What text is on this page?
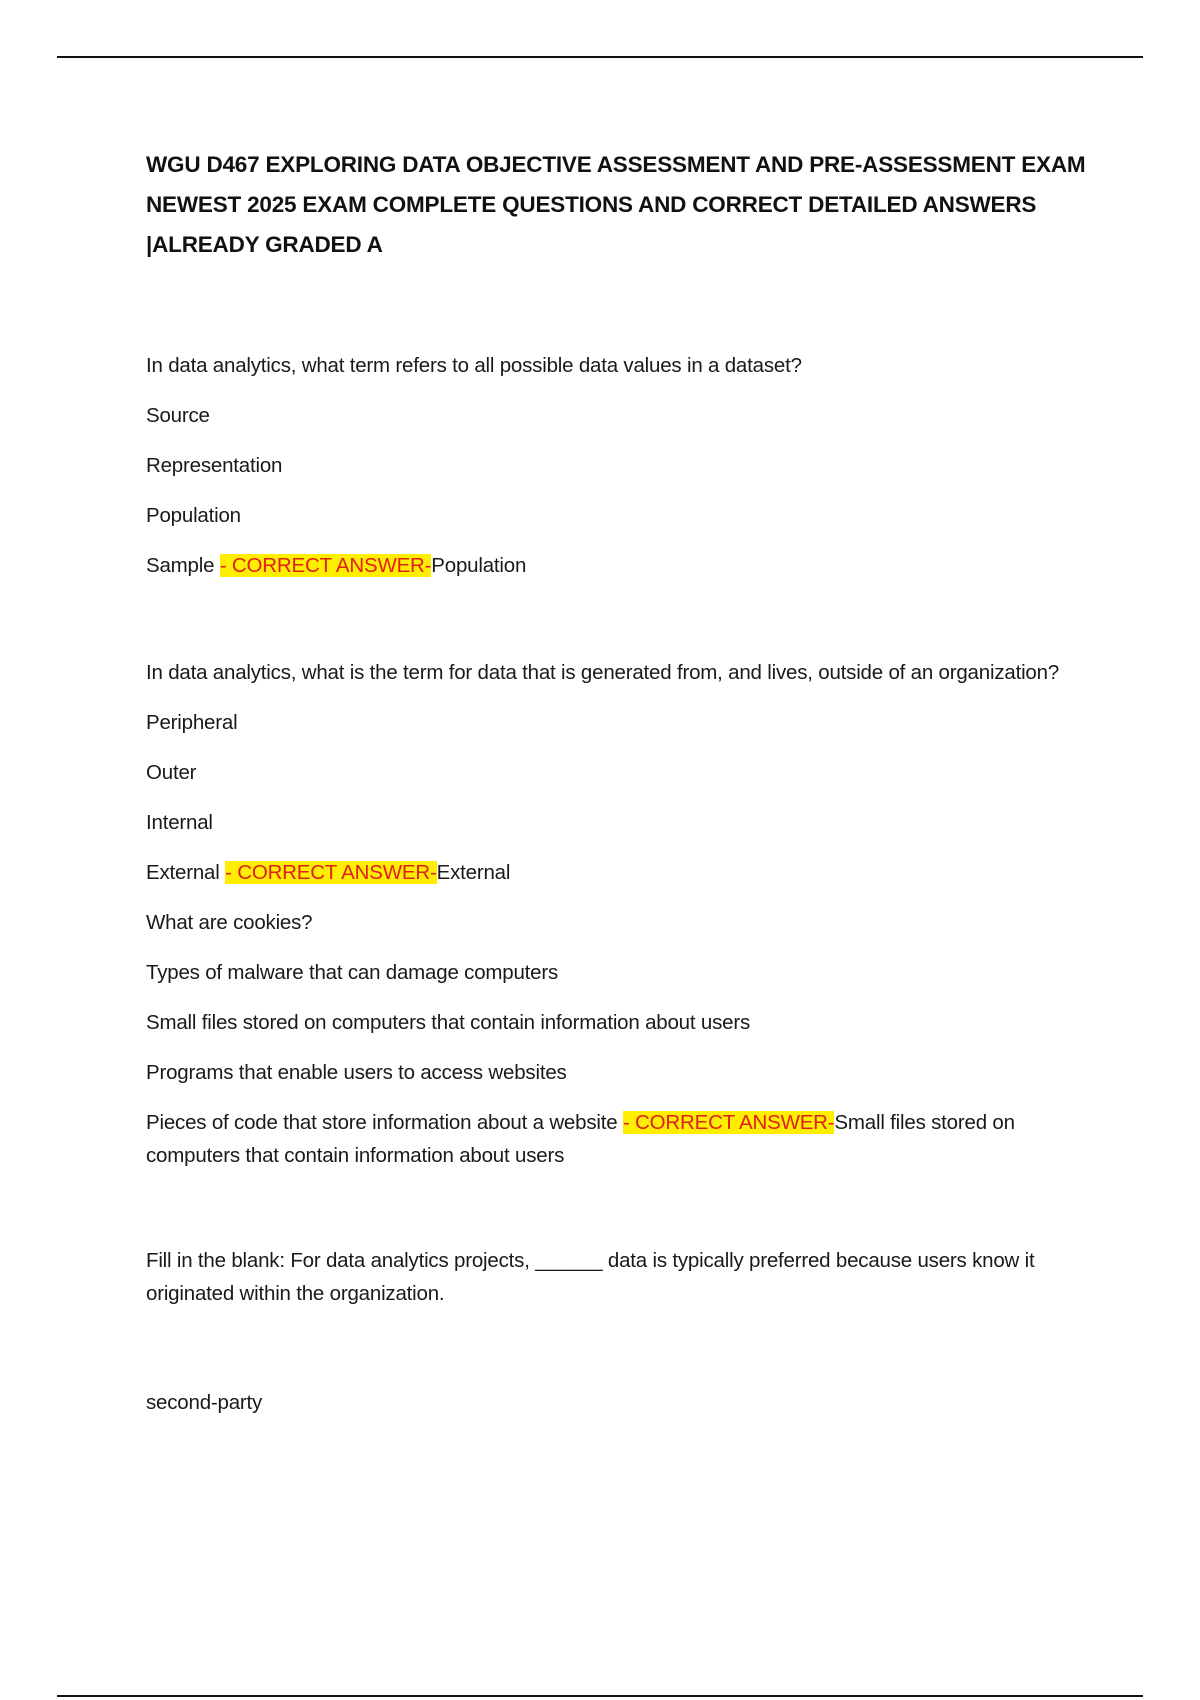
WGU D467 EXPLORING DATA OBJECTIVE ASSESSMENT AND PRE-ASSESSMENT EXAM NEWEST 2025 EXAM COMPLETE QUESTIONS AND CORRECT DETAILED ANSWERS |ALREADY GRADED A

In data analytics, what term refers to all possible data values in a dataset?

Source

Representation

Population

Sample - CORRECT ANSWER-Population

In data analytics, what is the term for data that is generated from, and lives, outside of an organization?

Peripheral

Outer

Internal

External - CORRECT ANSWER-External

What are cookies?

Types of malware that can damage computers

Small files stored on computers that contain information about users

Programs that enable users to access websites

Pieces of code that store information about a website - CORRECT ANSWER-Small files stored on computers that contain information about users

Fill in the blank: For data analytics projects, ______ data is typically preferred because users know it originated within the organization.

second-party
